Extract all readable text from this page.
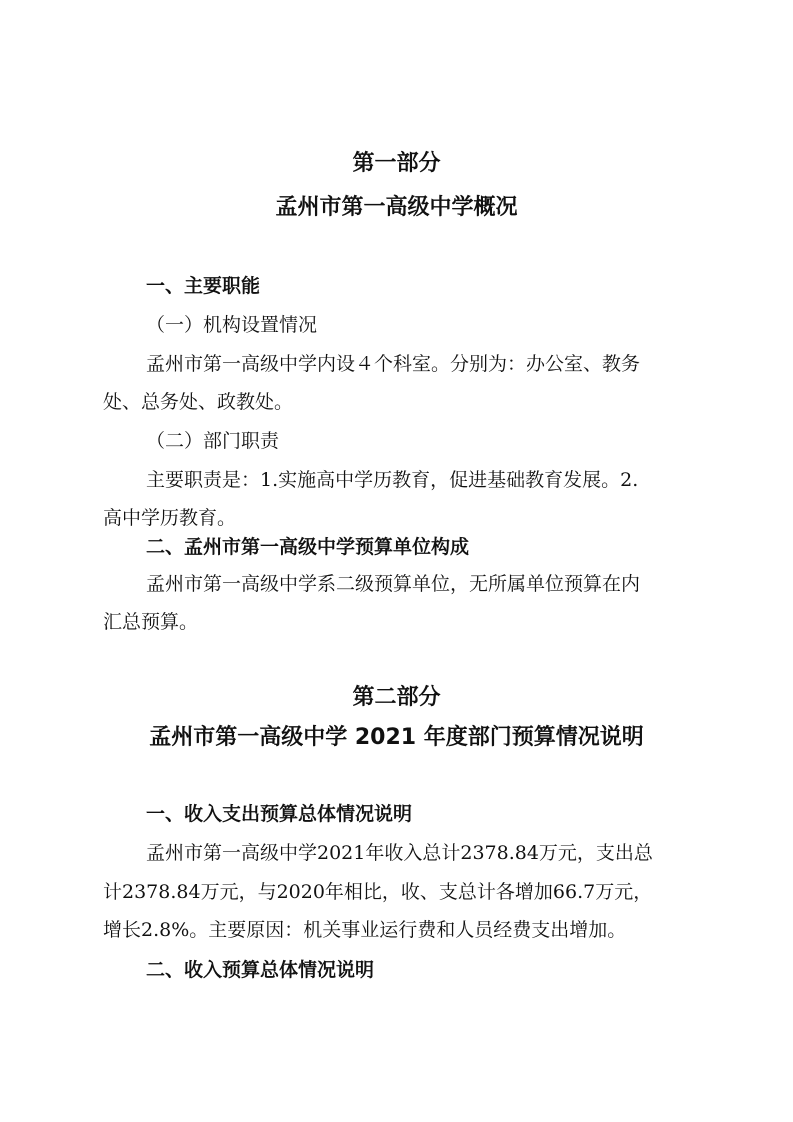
第一部分

孟州市第一高级中学概况

一、主要职能

（一）机构设置情况

孟州市第一高级中学内设４个科室。分别为：办公室、教务

处、总务处、政教处。

（二）部门职责

主要职责是：1.实施高中学历教育，促进基础教育发展。2.

高中学历教育。

二、孟州市第一高级中学预算单位构成

孟州市第一高级中学系二级预算单位，无所属单位预算在内

汇总预算。

第二部分

孟州市第一高级中学 2021 年度部门预算情况说明

一、收入支出预算总体情况说明

孟州市第一高级中学2021年收入总计2378.84万元，支出总

计2378.84万元，与2020年相比，收、支总计各增加66.7万元，

增长2.8%。主要原因：机关事业运行费和人员经费支出增加。

二、收入预算总体情况说明
